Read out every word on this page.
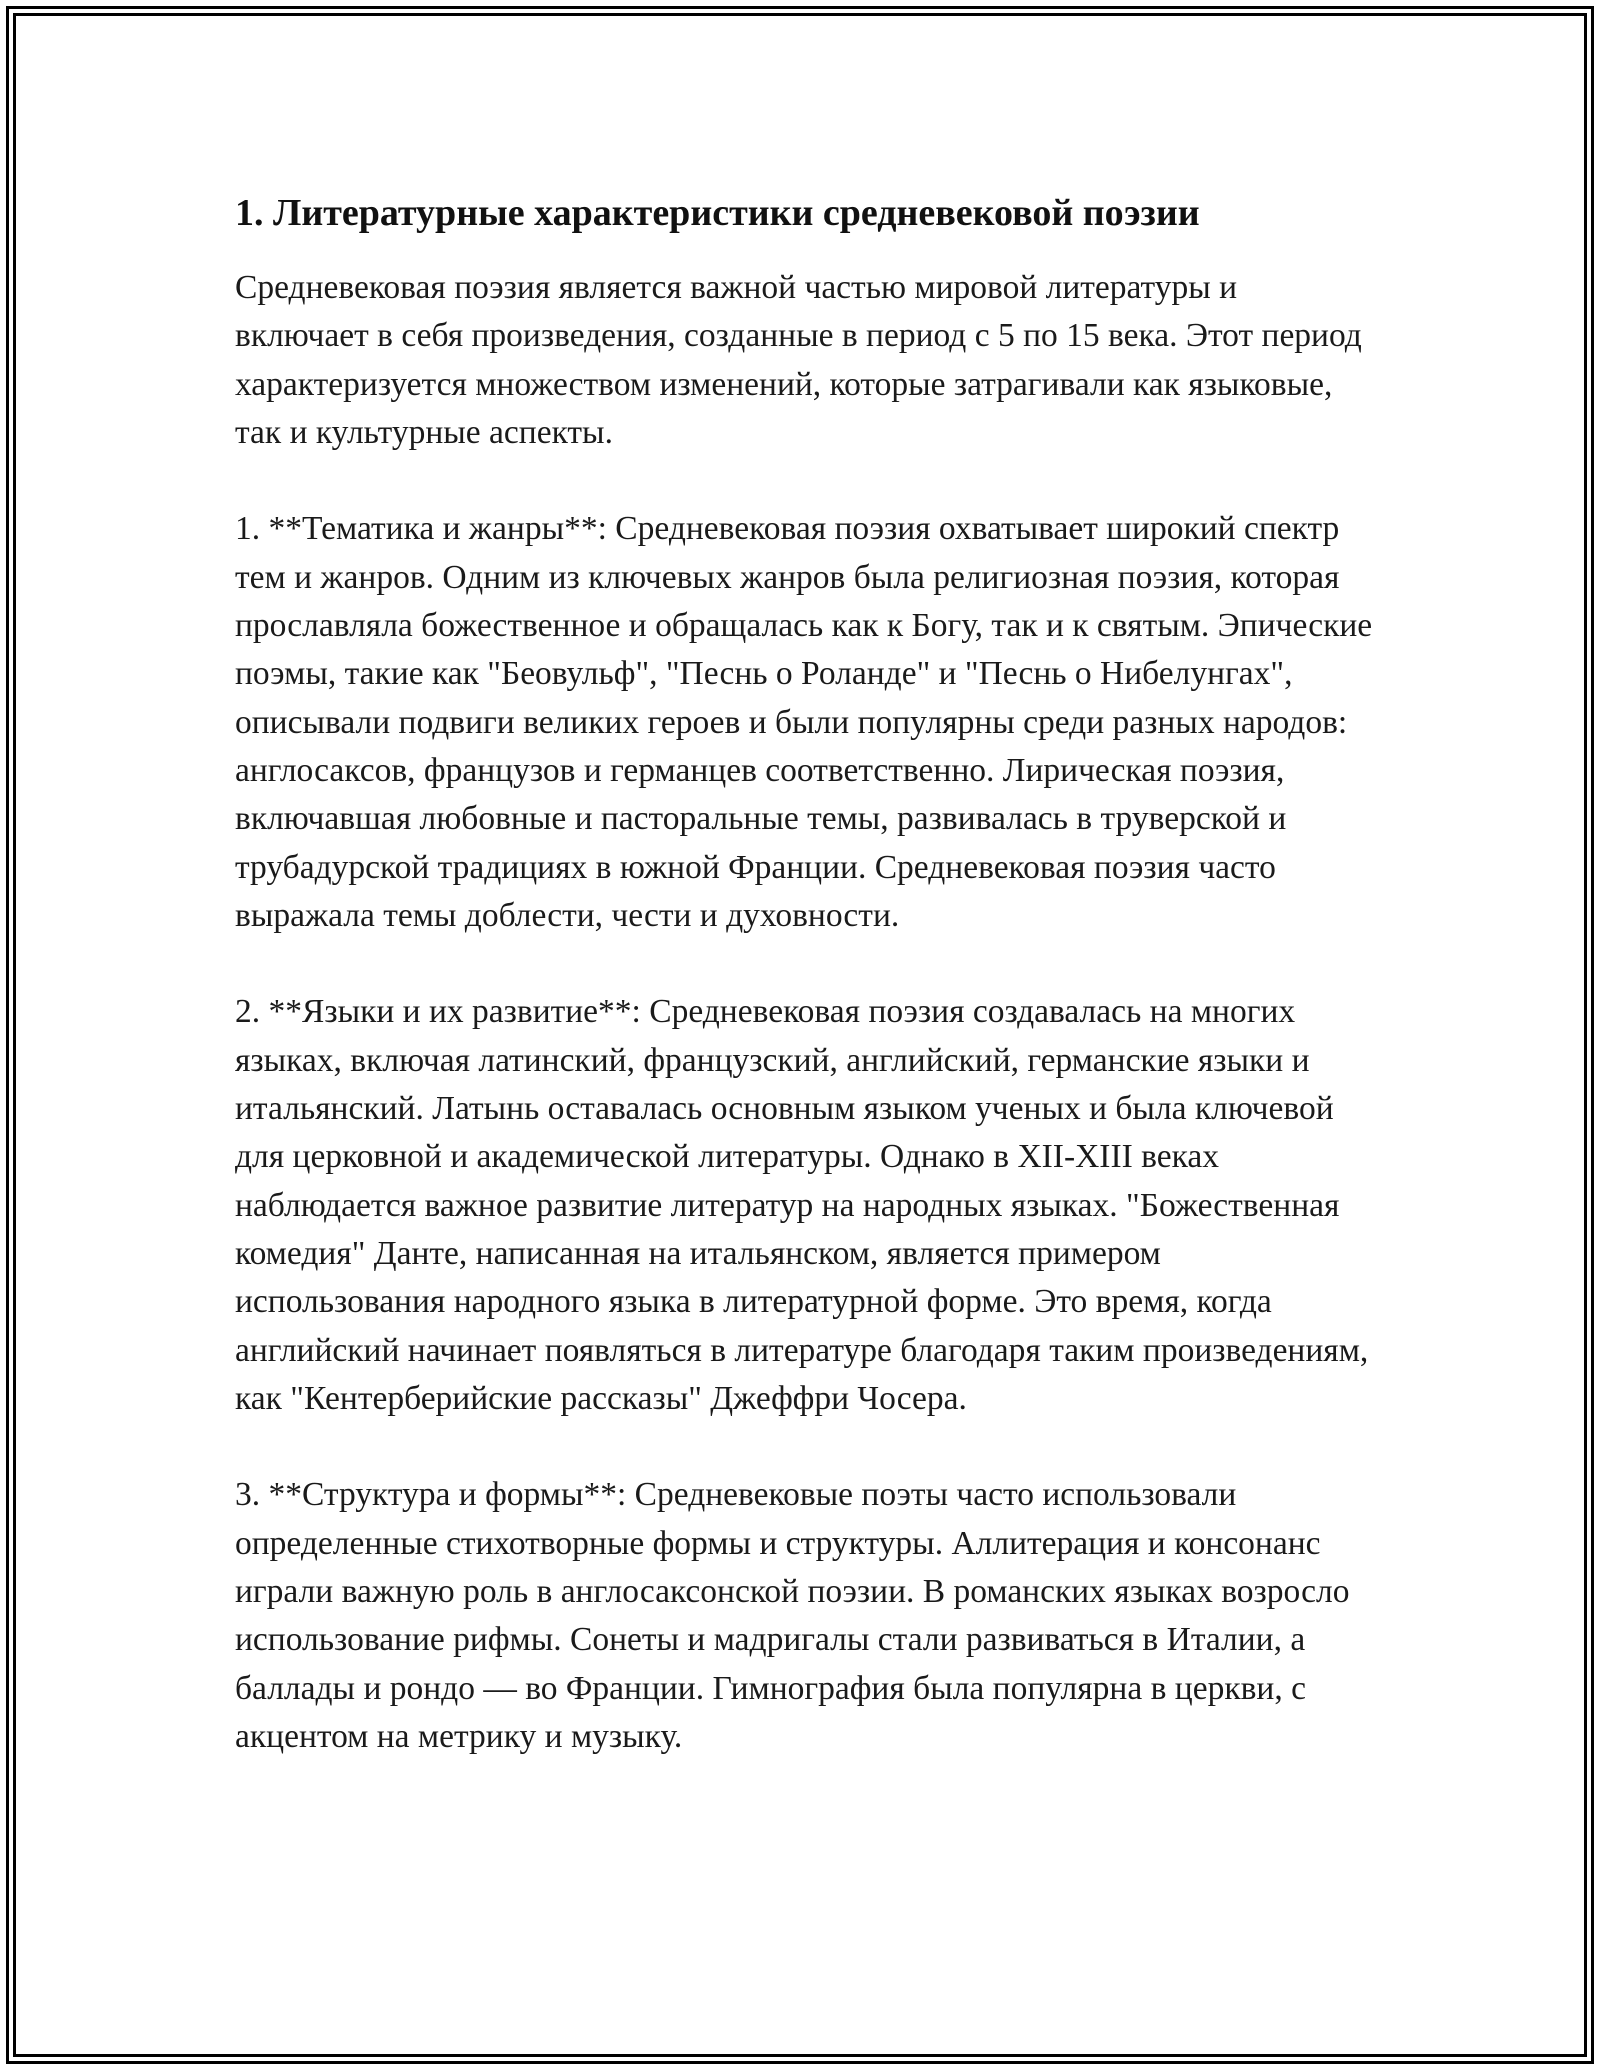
1. Литературные характеристики средневековой поэзии

Средневековая поэзия является важной частью мировой литературы и включает в себя произведения, созданные в период с 5 по 15 века. Этот период характеризуется множеством изменений, которые затрагивали как языковые, так и культурные аспекты.

1. **Тематика и жанры**: Средневековая поэзия охватывает широкий спектр тем и жанров. Одним из ключевых жанров была религиозная поэзия, которая прославляла божественное и обращалась как к Богу, так и к святым. Эпические поэмы, такие как "Беовульф", "Песнь о Роланде" и "Песнь о Нибелунгах", описывали подвиги великих героев и были популярны среди разных народов: англосаксов, французов и германцев соответственно. Лирическая поэзия, включавшая любовные и пасторальные темы, развивалась в труверской и трубадурской традициях в южной Франции. Средневековая поэзия часто выражала темы доблести, чести и духовности.

2. **Языки и их развитие**: Средневековая поэзия создавалась на многих языках, включая латинский, французский, английский, германские языки и итальянский. Латынь оставалась основным языком ученых и была ключевой для церковной и академической литературы. Однако в XII-XIII веках наблюдается важное развитие литератур на народных языках. "Божественная комедия" Данте, написанная на итальянском, является примером использования народного языка в литературной форме. Это время, когда английский начинает появляться в литературе благодаря таким произведениям, как "Кентерберийские рассказы" Джеффри Чосера.

3. **Структура и формы**: Средневековые поэты часто использовали определенные стихотворные формы и структуры. Аллитерация и консонанс играли важную роль в англосаксонской поэзии. В романских языках возросло использование рифмы. Сонеты и мадригалы стали развиваться в Италии, а баллады и рондо — во Франции. Гимнография была популярна в церкви, с акцентом на метрику и музыку.
